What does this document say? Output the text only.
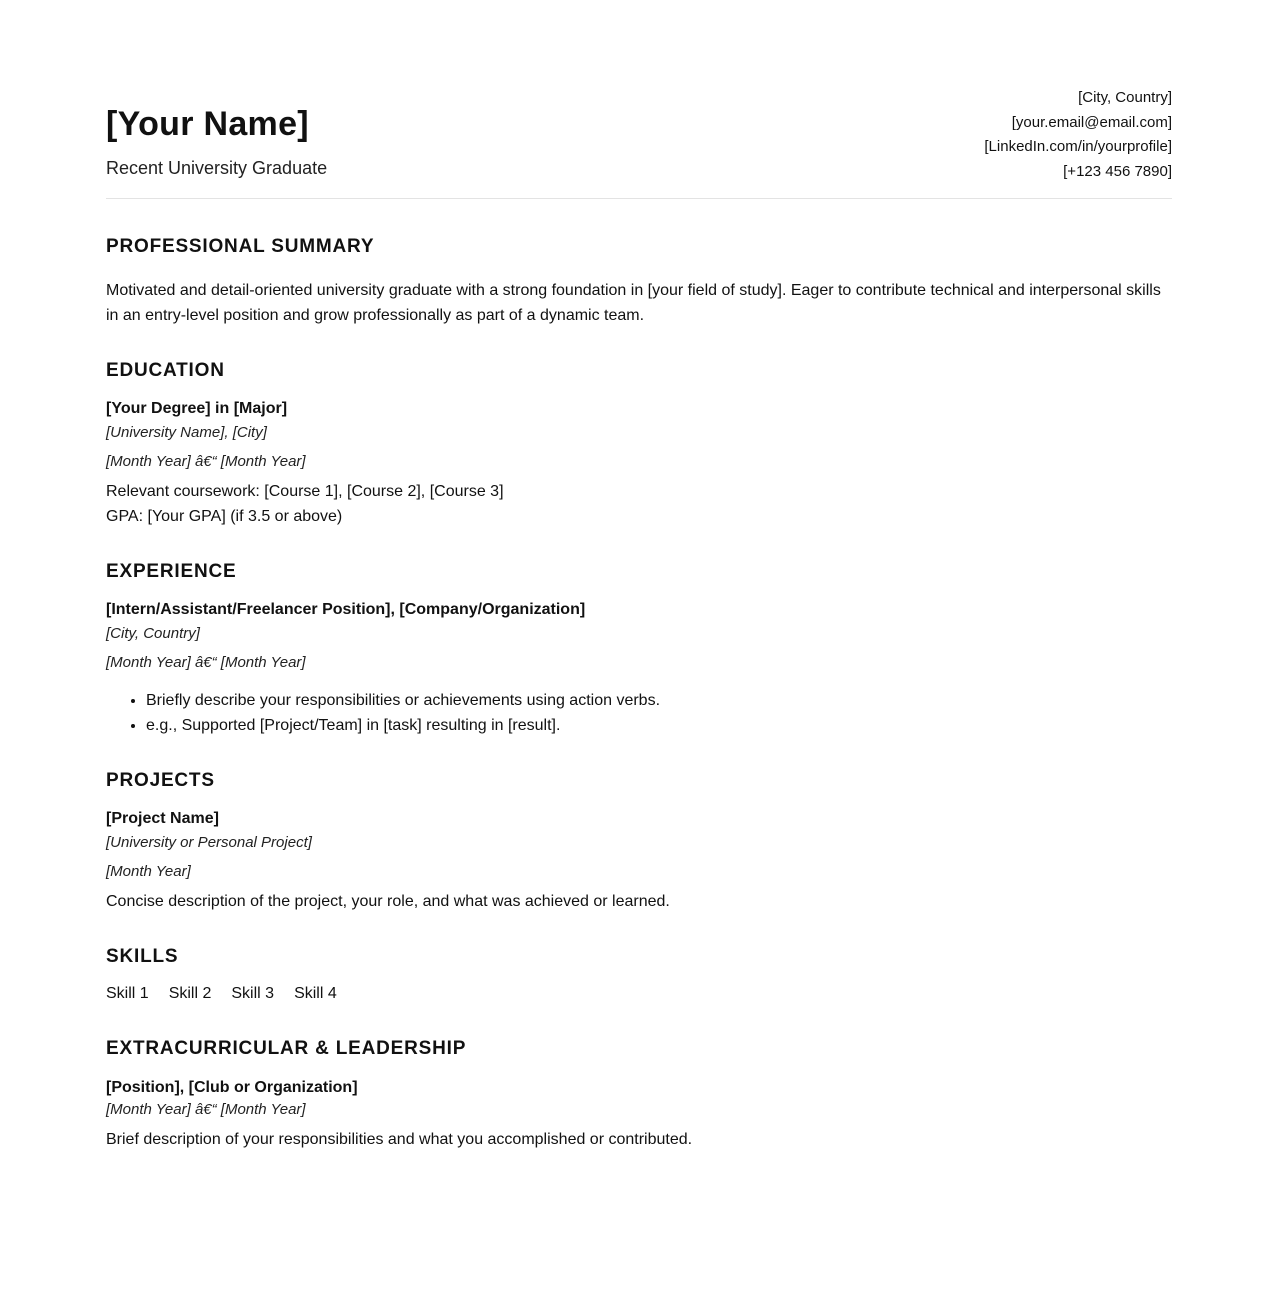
[Your Name]
Recent University Graduate
[City, Country]
[your.email@email.com]
[LinkedIn.com/in/yourprofile]
[+123 456 7890]
PROFESSIONAL SUMMARY

Motivated and detail-oriented university graduate with a strong foundation in [your field of study]. Eager to contribute technical and interpersonal skills in an entry-level position and grow professionally as part of a dynamic team.

EDUCATION
[Your Degree] in [Major]
[University Name], [City]
[Month Year] â€“ [Month Year]
Relevant coursework: [Course 1], [Course 2], [Course 3]
GPA: [Your GPA] (if 3.5 or above)
EXPERIENCE
[Intern/Assistant/Freelancer Position], [Company/Organization]
[City, Country]
[Month Year] â€“ [Month Year]
• Briefly describe your responsibilities or achievements using action verbs.
• e.g., Supported [Project/Team] in [task] resulting in [result].
PROJECTS
[Project Name]
[University or Personal Project]
[Month Year]
Concise description of the project, your role, and what was achieved or learned.
SKILLS
Skill 1 Skill 2 Skill 3 Skill 4
EXTRACURRICULAR & LEADERSHIP
[Position], [Club or Organization]
[Month Year] â€“ [Month Year]
Brief description of your responsibilities and what you accomplished or contributed.
